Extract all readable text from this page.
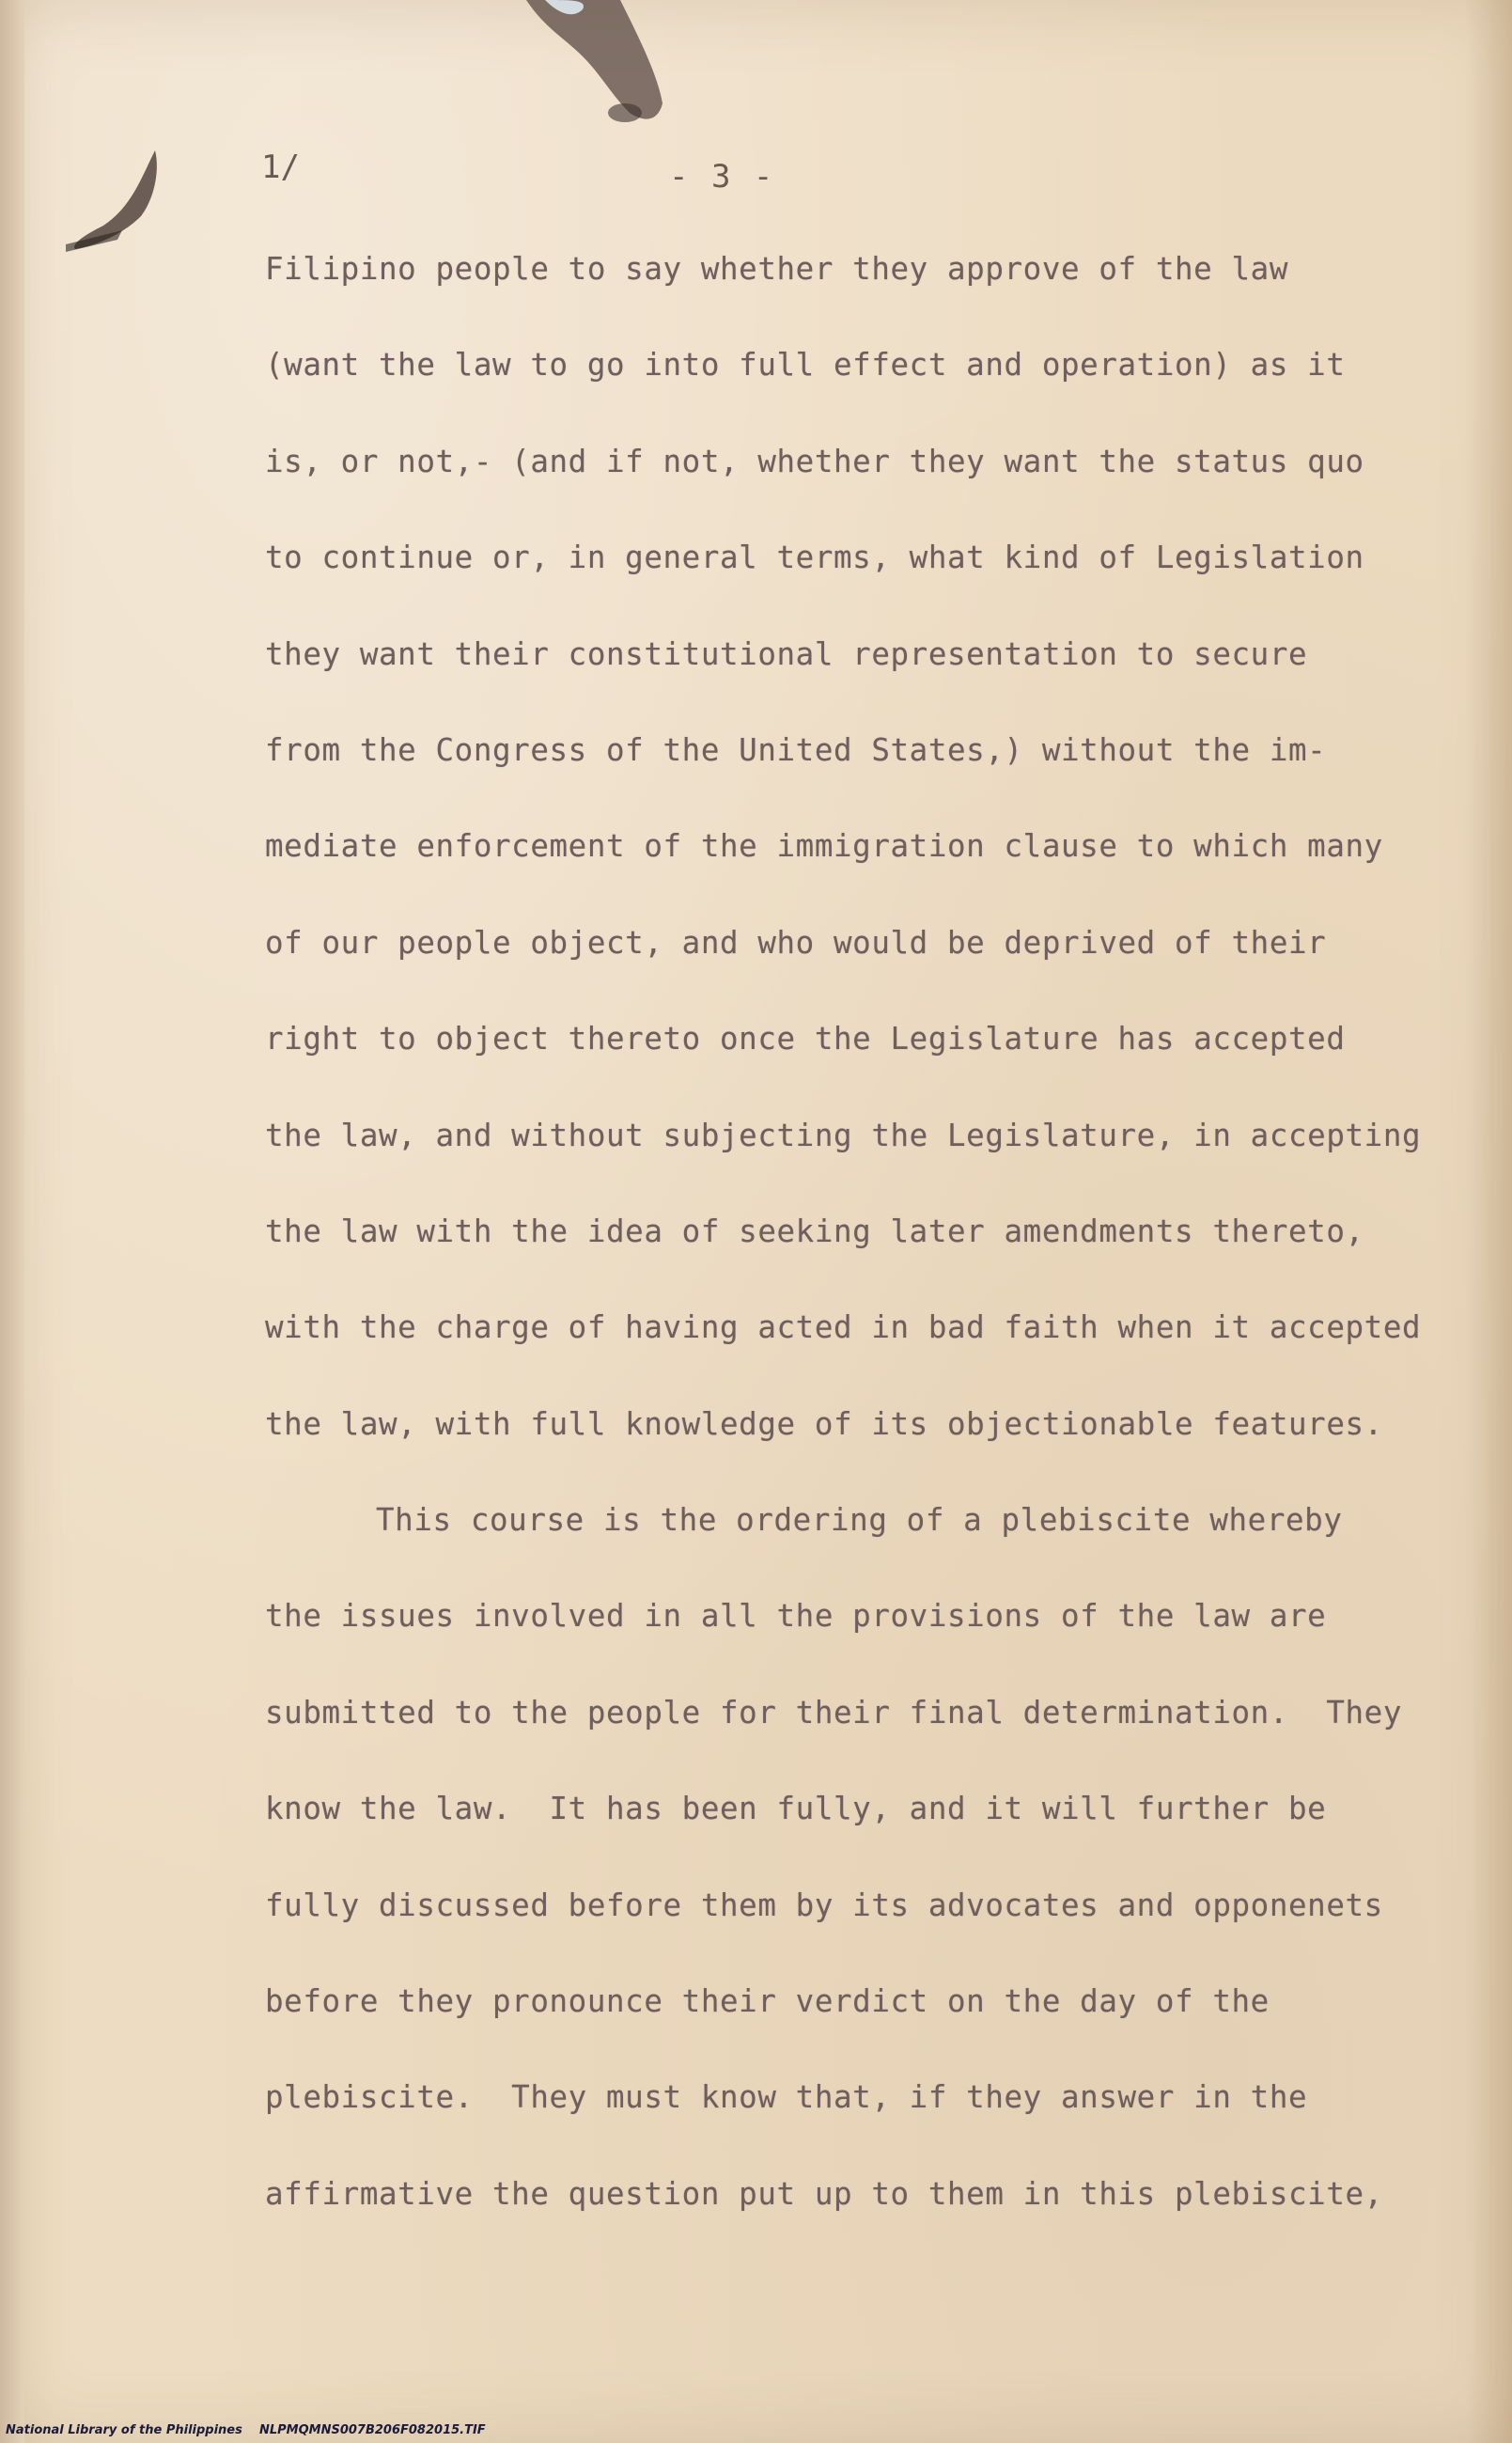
1/	- 3 -
Filipino people to say whether they approve of the law
(want the law to go into full effect and operation) as it
is, or not,- (and if not, whether they want the status quo
to continue or, in general terms, what kind of Legislation
they want their constitutional representation to secure
from the Congress of the United States,) without the im-
mediate enforcement of the immigration clause to which many
of our people object, and who would be deprived of their
right to object thereto once the Legislature has accepted
the law, and without subjecting the Legislature, in accepting
the law with the idea of seeking later amendments thereto,
with the charge of having acted in bad faith when it accepted
the law, with full knowledge of its objectionable features.
This course is the ordering of a plebiscite whereby
the issues involved in all the provisions of the law are
submitted to the people for their final determination.  They
know the law.  It has been fully, and it will further be
fully discussed before them by its advocates and opponenets
before they pronounce their verdict on the day of the
plebiscite.  They must know that, if they answer in the
affirmative the question put up to them in this plebiscite,
National Library of the Philippines NLPMQMNS007B206F082015.TIF
